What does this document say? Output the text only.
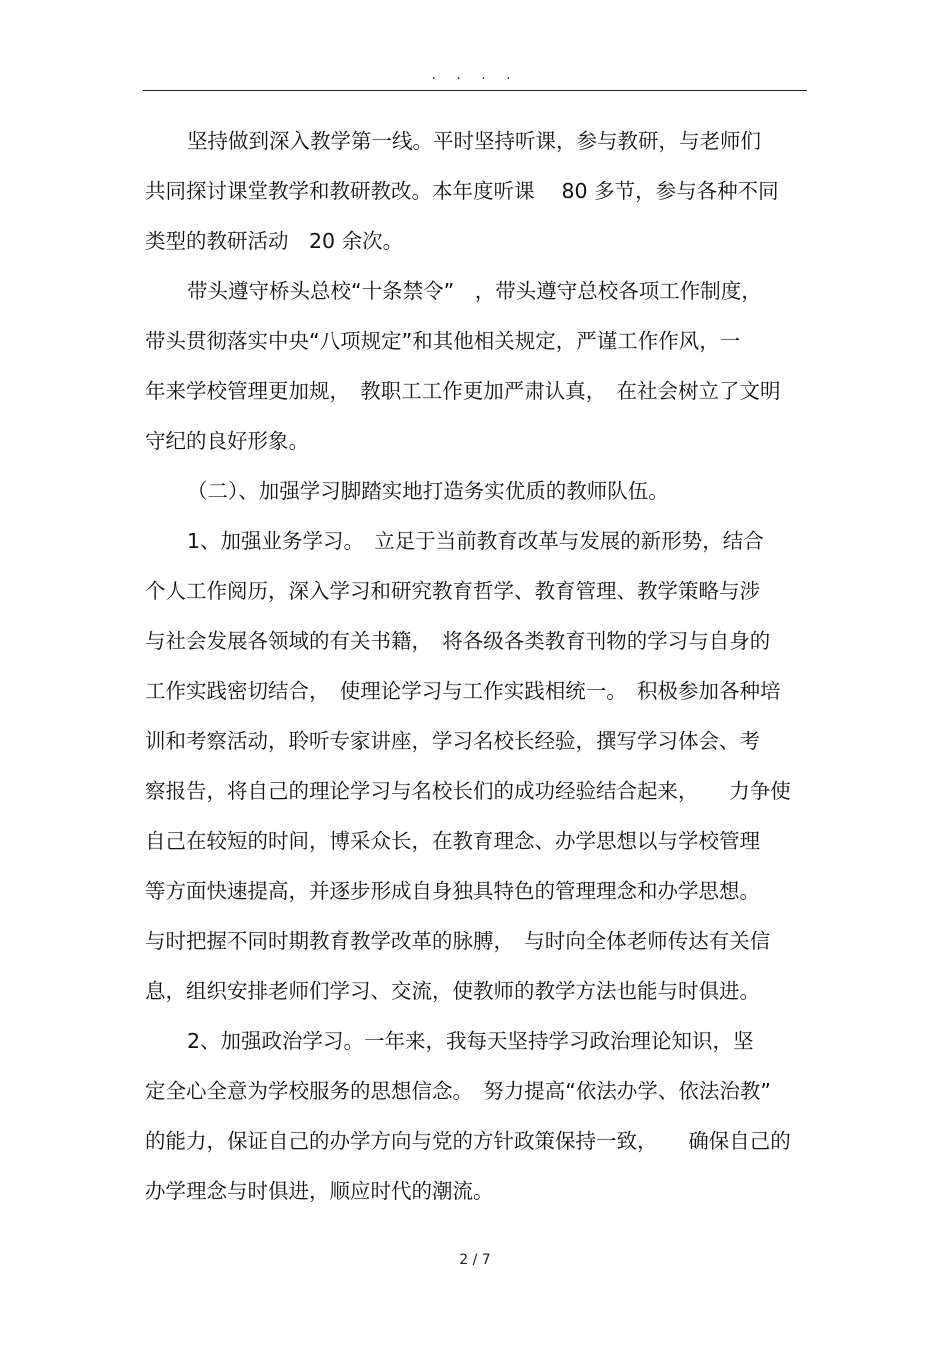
· · · ·
坚持做到深入教学第一线。平时坚持听课，参与教研，与老师们
共同探讨课堂教学和教研教改。本年度听课　 80 多节，参与各种不同
类型的教研活动　20 余次。
带头遵守桥头总校“十条禁令”　，带头遵守总校各项工作制度，
带头贯彻落实中央“八项规定”和其他相关规定，严谨工作作风，一
年来学校管理更加规，　教职工工作更加严肃认真，　在社会树立了文明
守纪的良好形象。
（二）、加强学习脚踏实地打造务实优质的教师队伍。
1、加强业务学习。　立足于当前教育改革与发展的新形势，结合
个人工作阅历，深入学习和研究教育哲学、教育管理、教学策略与涉
与社会发展各领域的有关书籍，　将各级各类教育刊物的学习与自身的
工作实践密切结合，　使理论学习与工作实践相统一。　积极参加各种培
训和考察活动，聆听专家讲座，学习名校长经验，撰写学习体会、考
察报告，将自己的理论学习与名校长们的成功经验结合起来，　　力争使
自己在较短的时间，博采众长，在教育理念、办学思想以与学校管理
等方面快速提高，并逐步形成自身独具特色的管理理念和办学思想。
与时把握不同时期教育教学改革的脉膊，　与时向全体老师传达有关信
息，组织安排老师们学习、交流，使教师的教学方法也能与时俱进。
2、加强政治学习。一年来，我每天坚持学习政治理论知识，坚
定全心全意为学校服务的思想信念。　努力提高“依法办学、依法治教”
的能力，保证自己的办学方向与党的方针政策保持一致，　　确保自己的
办学理念与时俱进，顺应时代的潮流。
2 / 7
